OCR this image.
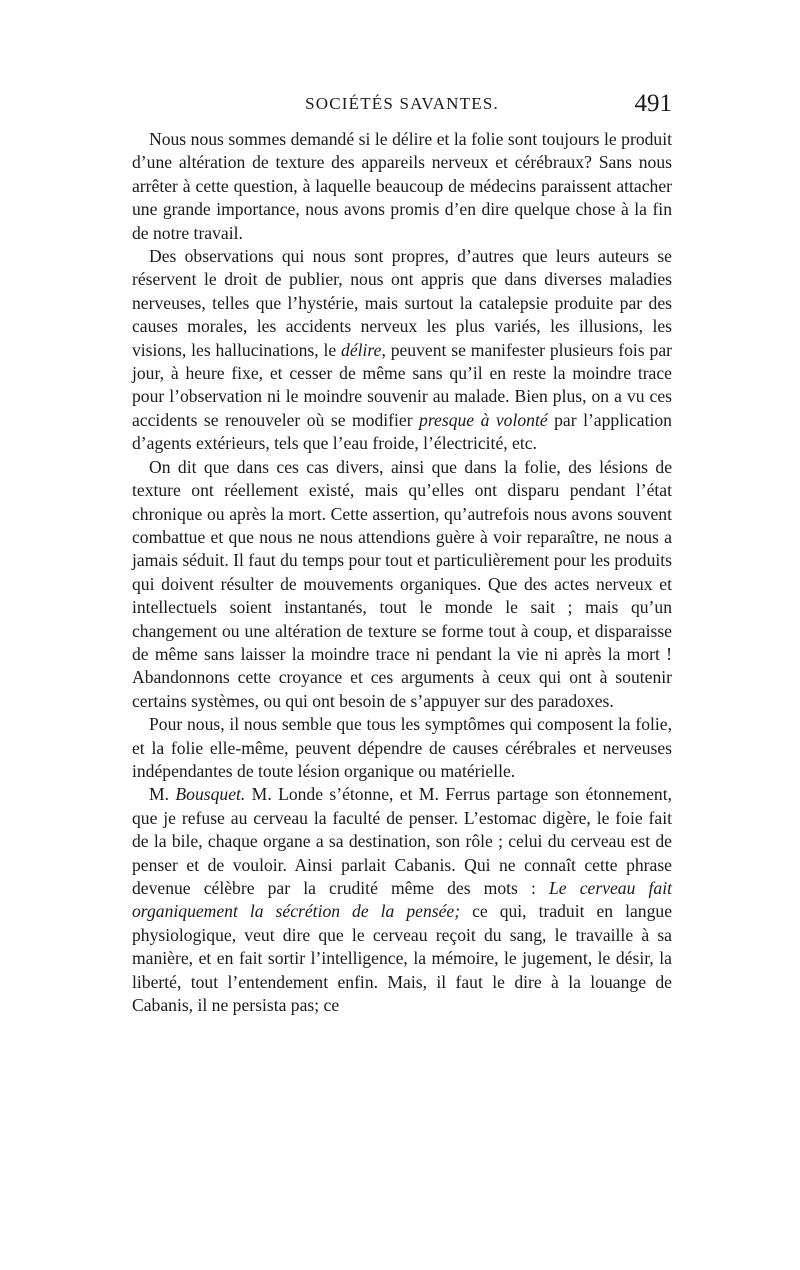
SOCIÉTÉS SAVANTES.	491

Nous nous sommes demandé si le délire et la folie sont toujours le produit d’une altération de texture des appareils nerveux et cérébraux? Sans nous arrêter à cette question, à laquelle beaucoup de médecins paraissent attacher une grande importance, nous avons promis d’en dire quelque chose à la fin de notre travail.

Des observations qui nous sont propres, d’autres que leurs auteurs se réservent le droit de publier, nous ont appris que dans diverses maladies nerveuses, telles que l’hystérie, mais surtout la catalepsie produite par des causes morales, les accidents nerveux les plus variés, les illusions, les visions, les hallucinations, le délire, peuvent se manifester plusieurs fois par jour, à heure fixe, et cesser de même sans qu’il en reste la moindre trace pour l’observation ni le moindre souvenir au malade. Bien plus, on a vu ces accidents se renouveler où se modifier presque à volonté par l’application d’agents extérieurs, tels que l’eau froide, l’électricité, etc.

On dit que dans ces cas divers, ainsi que dans la folie, des lésions de texture ont réellement existé, mais qu’elles ont disparu pendant l’état chronique ou après la mort. Cette assertion, qu’autrefois nous avons souvent combattue et que nous ne nous attendions guère à voir reparaître, ne nous a jamais séduit. Il faut du temps pour tout et particulièrement pour les produits qui doivent résulter de mouvements organiques. Que des actes nerveux et intellectuels soient instantanés, tout le monde le sait ; mais qu’un changement ou une altération de texture se forme tout à coup, et disparaisse de même sans laisser la moindre trace ni pendant la vie ni après la mort ! Abandonnons cette croyance et ces arguments à ceux qui ont à soutenir certains systèmes, ou qui ont besoin de s’appuyer sur des paradoxes.

Pour nous, il nous semble que tous les symptômes qui composent la folie, et la folie elle-même, peuvent dépendre de causes cérébrales et nerveuses indépendantes de toute lésion organique ou matérielle.

M. Bousquet. M. Londe s’étonne, et M. Ferrus partage son étonnement, que je refuse au cerveau la faculté de penser. L’estomac digère, le foie fait de la bile, chaque organe a sa destination, son rôle ; celui du cerveau est de penser et de vouloir. Ainsi parlait Cabanis. Qui ne connaît cette phrase devenue célèbre par la crudité même des mots : Le cerveau fait organiquement la sécrétion de la pensée; ce qui, traduit en langue physiologique, veut dire que le cerveau reçoit du sang, le travaille à sa manière, et en fait sortir l’intelligence, la mémoire, le jugement, le désir, la liberté, tout l’entendement enfin. Mais, il faut le dire à la louange de Cabanis, il ne persista pas; ce
